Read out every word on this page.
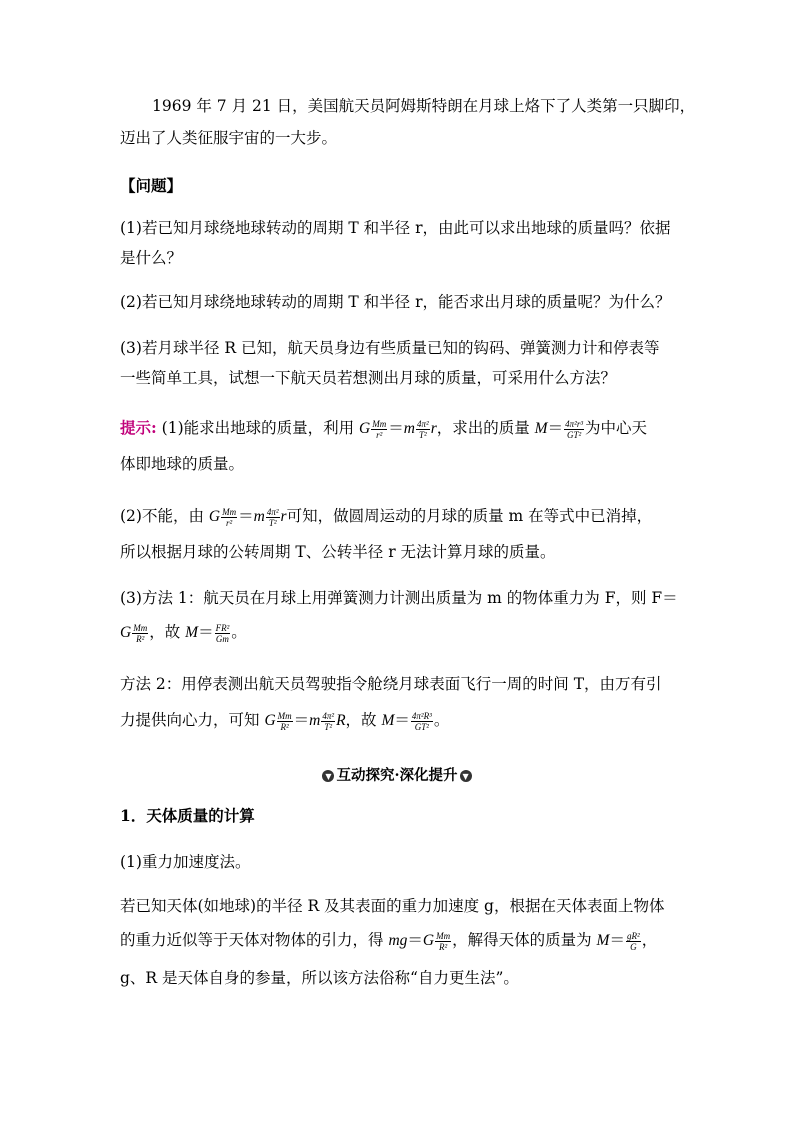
1969 年 7 月 21 日，美国航天员阿姆斯特朗在月球上烙下了人类第一只脚印，
迈出了人类征服宇宙的一大步。
【问题】
(1)若已知月球绕地球转动的周期 T 和半径 r，由此可以求出地球的质量吗？依据
是什么？
(2)若已知月球绕地球转动的周期 T 和半径 r，能否求出月球的质量呢？为什么？
(3)若月球半径 R 已知，航天员身边有些质量已知的钩码、弹簧测力计和停表等
一些简单工具，试想一下航天员若想测出月球的质量，可采用什么方法？
提示: (1)能求出地球的质量，利用 G $\frac{Mm}{\text{r²}} =m \frac{\text{4π²}}{\text{T²}}$ r，求出的质量 $M= \frac{\text{4π²r³}}{\text{GT²}}$ 为中心天
体即地球的质量。
(2)不能，由 G $\frac{Mm}{\text{r²}} =m \frac{\text{4π²}}{\text{T²}}$ r可知，做圆周运动的月球的质量 m 在等式中已消掉，
所以根据月球的公转周期 T、公转半径 r 无法计算月球的质量。
(3)方法 1：航天员在月球上用弹簧测力计测出质量为 m 的物体重力为 F，则 F＝
G $\frac{Mm}{\text{R²}}$ ，故 $M= \frac{\text{FR²}}{Gm}$ 。
方法 2：用停表测出航天员驾驶指令舱绕月球表面飞行一周的时间 T，由万有引
力提供向心力，可知 G $\frac{Mm}{\text{R²}} =m \frac{\text{4π²}}{\text{T²}}$ R，故 $M= \frac{\text{4π²R³}}{\text{GT²}}$ 。
▼ 互动探究·深化提升 ▼
1．天体质量的计算
(1)重力加速度法。
若已知天体(如地球)的半径 R 及其表面的重力加速度 g，根据在天体表面上物体
的重力近似等于天体对物体的引力，得 $mg=G \frac{Mm}{\text{R²}}$ ，解得天体的质量为 $M= \frac{\text{gR²}}{G}$ ，
g、R 是天体自身的参量，所以该方法俗称“自力更生法”。
